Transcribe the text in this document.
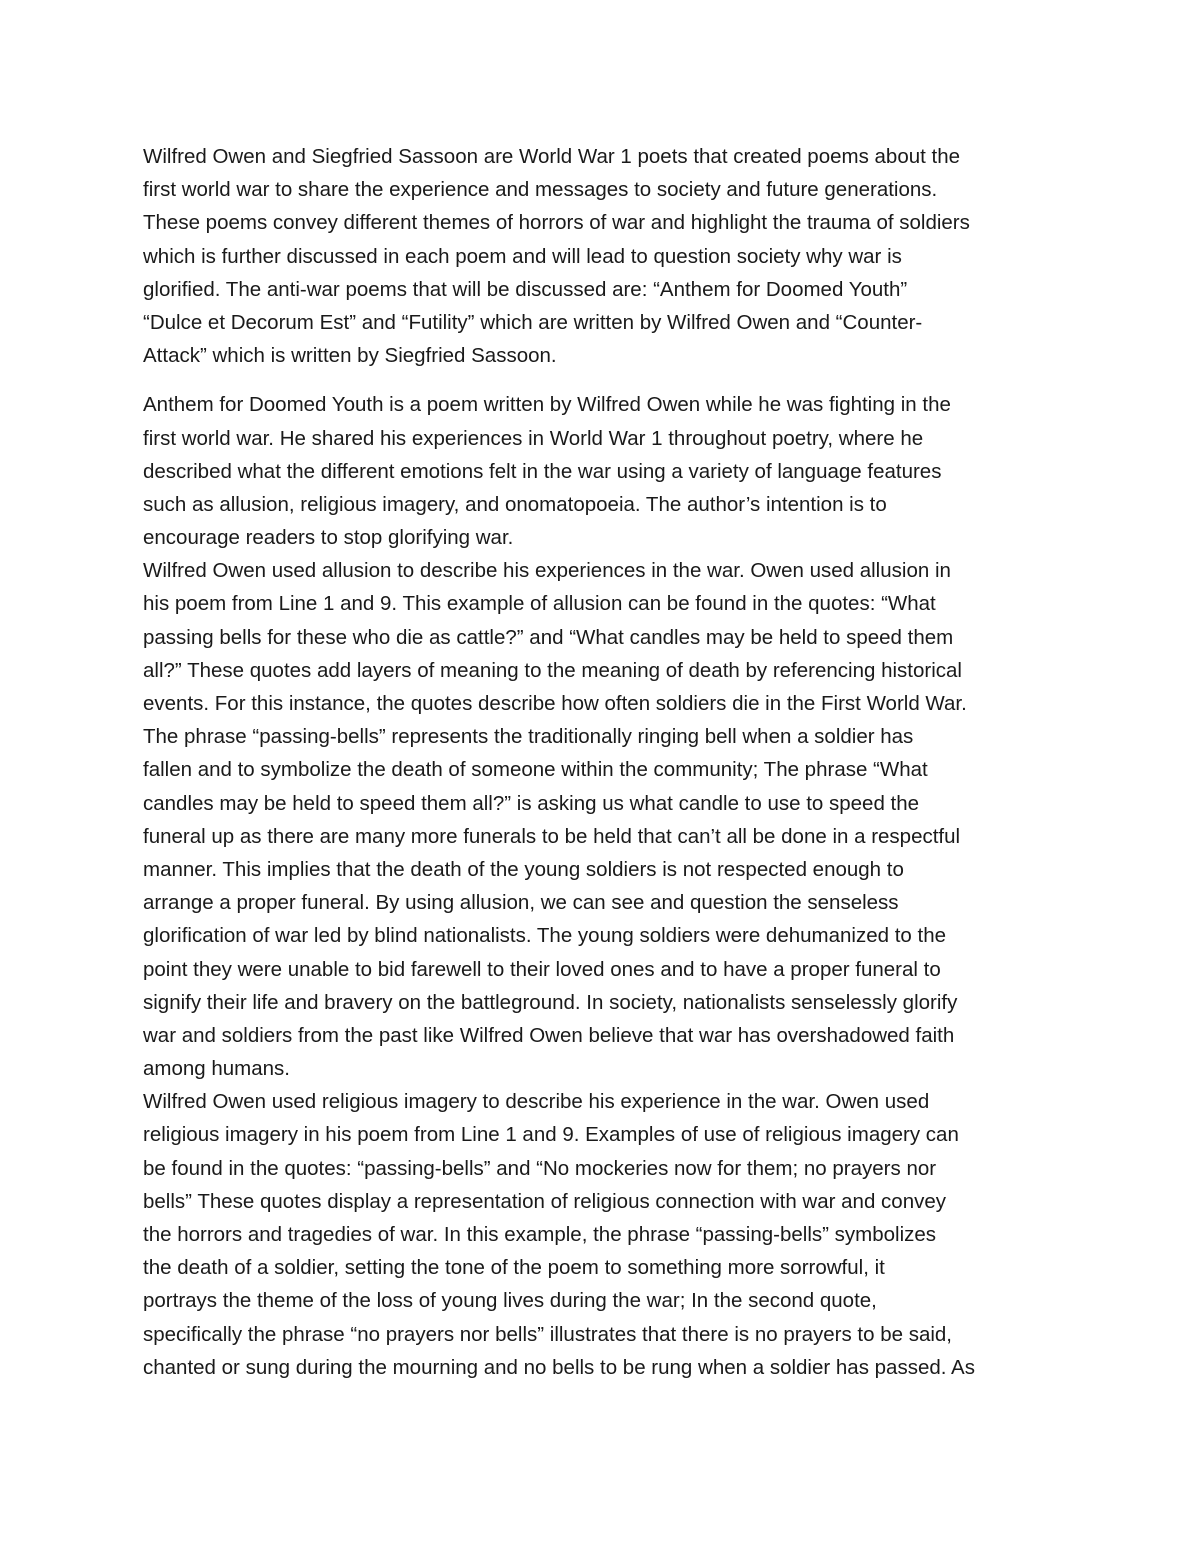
Wilfred Owen and Siegfried Sassoon are World War 1 poets that created poems about the
first world war to share the experience and messages to society and future generations.
These poems convey different themes of horrors of war and highlight the trauma of soldiers
which is further discussed in each poem and will lead to question society why war is
glorified. The anti-war poems that will be discussed are: “Anthem for Doomed Youth”
“Dulce et Decorum Est” and “Futility” which are written by Wilfred Owen and “Counter-
Attack” which is written by Siegfried Sassoon.

Anthem for Doomed Youth is a poem written by Wilfred Owen while he was fighting in the
first world war. He shared his experiences in World War 1 throughout poetry, where he
described what the different emotions felt in the war using a variety of language features
such as allusion, religious imagery, and onomatopoeia. The author’s intention is to
encourage readers to stop glorifying war.

Wilfred Owen used allusion to describe his experiences in the war. Owen used allusion in
his poem from Line 1 and 9. This example of allusion can be found in the quotes: “What
passing bells for these who die as cattle?” and “What candles may be held to speed them
all?” These quotes add layers of meaning to the meaning of death by referencing historical
events. For this instance, the quotes describe how often soldiers die in the First World War.
The phrase “passing-bells” represents the traditionally ringing bell when a soldier has
fallen and to symbolize the death of someone within the community; The phrase “What
candles may be held to speed them all?” is asking us what candle to use to speed the
funeral up as there are many more funerals to be held that can’t all be done in a respectful
manner. This implies that the death of the young soldiers is not respected enough to
arrange a proper funeral. By using allusion, we can see and question the senseless
glorification of war led by blind nationalists. The young soldiers were dehumanized to the
point they were unable to bid farewell to their loved ones and to have a proper funeral to
signify their life and bravery on the battleground. In society, nationalists senselessly glorify
war and soldiers from the past like Wilfred Owen believe that war has overshadowed faith
among humans.

Wilfred Owen used religious imagery to describe his experience in the war. Owen used
religious imagery in his poem from Line 1 and 9. Examples of use of religious imagery can
be found in the quotes: “passing-bells” and “No mockeries now for them; no prayers nor
bells” These quotes display a representation of religious connection with war and convey
the horrors and tragedies of war. In this example, the phrase “passing-bells” symbolizes
the death of a soldier, setting the tone of the poem to something more sorrowful, it
portrays the theme of the loss of young lives during the war; In the second quote,
specifically the phrase “no prayers nor bells” illustrates that there is no prayers to be said,
chanted or sung during the mourning and no bells to be rung when a soldier has passed. As
